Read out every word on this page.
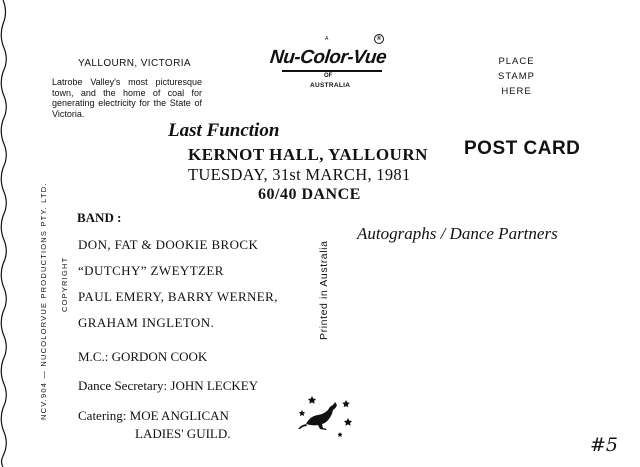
YALLOURN, VICTORIA
Latrobe Valley's most picturesque town, and the home of coal for generating electricity for the State of Victoria.
A	®
Nu-Color-Vue
OF
AUSTRALIA
PLACE
STAMP
HERE
Last Function
KERNOT HALL, YALLOURN
TUESDAY, 31st MARCH, 1981
60/40 DANCE
POST CARD
NCV.904 — NUCOLORVUE PRODUCTIONS PTY. LTD. COPYRIGHT
BAND :
DON, FAT & DOOKIE BROCK
“DUTCHY” ZWEYTZER
PAUL EMERY, BARRY WERNER,
GRAHAM INGLETON.
M.C.: GORDON COOK
Dance Secretary: JOHN LECKEY
Catering: MOE ANGLICAN
LADIES' GUILD.
Printed in Australia
Autographs / Dance Partners
#5
